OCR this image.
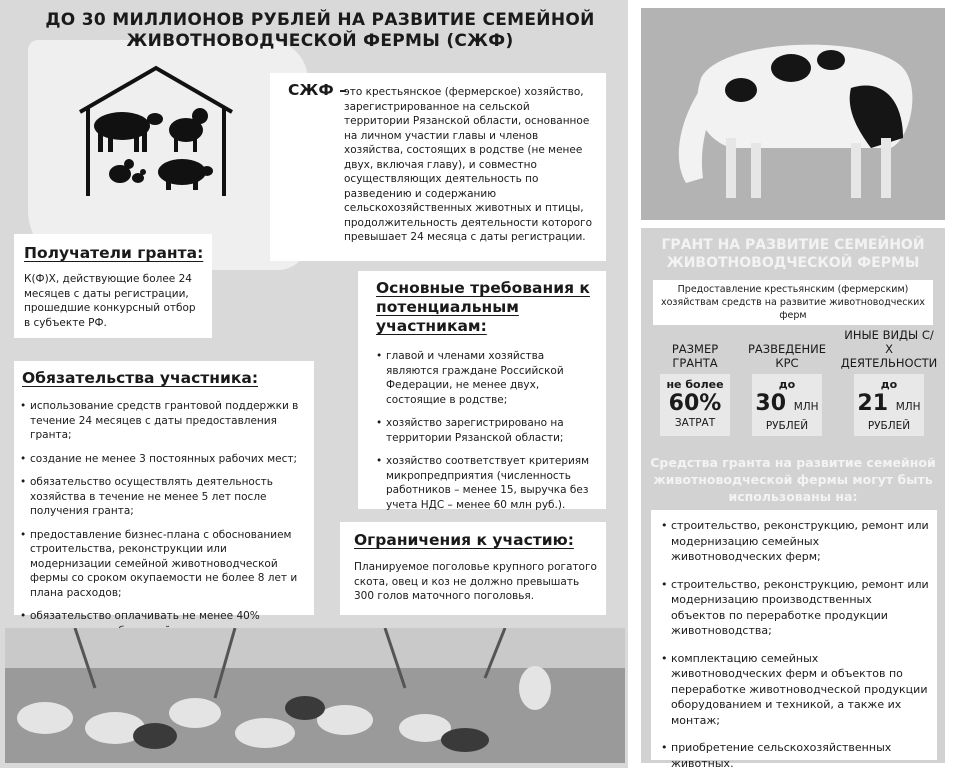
ДО 30 МИЛЛИОНОВ РУБЛЕЙ НА РАЗВИТИЕ СЕМЕЙНОЙ
ЖИВОТНОВОДЧЕСКОЙ ФЕРМЫ (СЖФ)
СЖФ –
это крестьянское (фермерское) хозяйство, зарегистрированное на сельской территории Рязанской области, основанное на личном участии главы и членов хозяйства, состоящих в родстве (не менее двух, включая главу), и совместно осуществляющих деятельность по разведению и содержанию сельскохозяйственных животных и птицы, продолжительность деятельности которого превышает 24 месяца с даты регистрации.
Получатели гранта:
К(Ф)Х, действующие более 24 месяцев с даты регистрации, прошедшие конкурсный отбор в субъекте РФ.
Основные требования к потенциальным участникам:
• главой и членами хозяйства являются граждане Российской Федерации, не менее двух, состоящие в родстве;
• хозяйство зарегистрировано на территории Рязанской области;
• хозяйство соответствует критериям микропредприятия (численность работников – менее 15, выручка без учета НДС – менее 60 млн руб.).
Обязательства участника:
• использование средств грантовой поддержки в течение 24 месяцев с даты предоставления гранта;
• создание не менее 3 постоянных рабочих мест;
• обязательство осуществлять деятельность хозяйства в течение не менее 5 лет после получения гранта;
• предоставление бизнес-плана с обоснованием строительства, реконструкции или модернизации семейной животноводческой фермы со сроком окупаемости не более 8 лет и плана расходов;
• обязательство оплачивать не менее 40%
Ограничения к участию:
Планируемое поголовье крупного рогатого скота, овец и коз не должно превышать 300 голов маточного поголовья.
ГРАНТ НА РАЗВИТИЕ СЕМЕЙНОЙ ЖИВОТНОВОДЧЕСКОЙ ФЕРМЫ
Предоставление крестьянским (фермерским) хозяйствам средств на развитие животноводческих ферм
РАЗМЕР ГРАНТА
не более
60%
ЗАТРАТ
РАЗВЕДЕНИЕ КРС
до
30 МЛН
РУБЛЕЙ
ИНЫЕ ВИДЫ С/Х ДЕЯТЕЛЬНОСТИ
до
21 МЛН
РУБЛЕЙ
Средства гранта на развитие семейной животноводческой фермы могут быть использованы на:
• строительство, реконструкцию, ремонт или модернизацию семейных животноводческих ферм;
• строительство, реконструкцию, ремонт или модернизацию производственных объектов по переработке продукции животноводства;
• комплектацию семейных животноводческих ферм и объектов по переработке животноводческой продукции оборудованием и техникой, а также их монтаж;
• приобретение сельскохозяйственных животных.
